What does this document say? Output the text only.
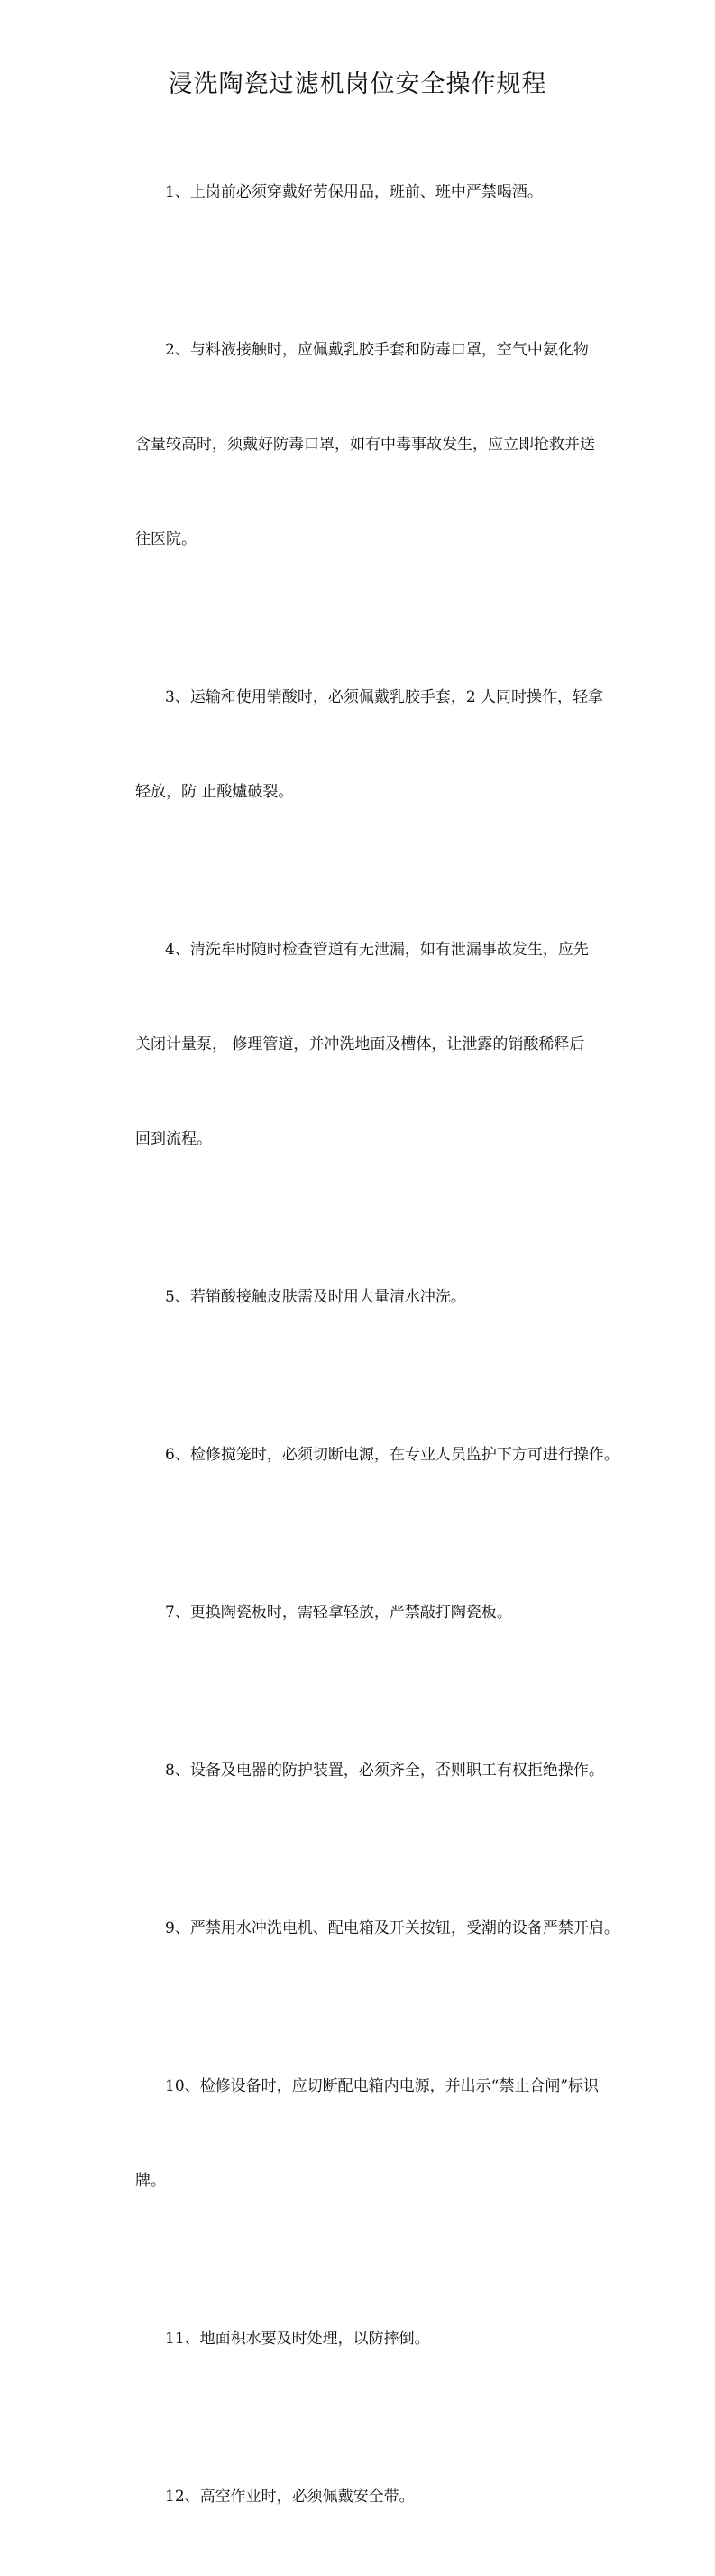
浸洗陶瓷过滤机岗位安全操作规程

1、上岗前必须穿戴好劳保用品，班前、班中严禁喝酒。

2、与料液接触时，应佩戴乳胶手套和防毒口罩，空气中氨化物

含量较高时，须戴好防毒口罩，如有中毒事故发生，应立即抢救并送

往医院。

3、运输和使用销酸时，必须佩戴乳胶手套，2 人同时操作，轻拿

轻放，防 止酸爐破裂。

4、清洗牟时随时检查管道有无泄漏，如有泄漏事故发生，应先

关闭计量泵， 修理管道，并冲洗地面及槽体，让泄露的销酸稀释后

回到流程。

5、若销酸接触皮肤需及时用大量清水冲洗。

6、检修搅笼时，必须切断电源，在专业人员监护下方可进行操作。

7、更换陶瓷板时，需轻拿轻放，严禁敲打陶瓷板。

8、设备及电器的防护装置，必须齐全，否则职工有权拒绝操作。

9、严禁用水冲洗电机、配电箱及开关按钮，受潮的设备严禁开启。

10、检修设备时，应切断配电箱内电源，并出示“禁止合闸”标识

牌。

11、地面积水要及时处理，以防摔倒。

12、高空作业时，必须佩戴安全带。
